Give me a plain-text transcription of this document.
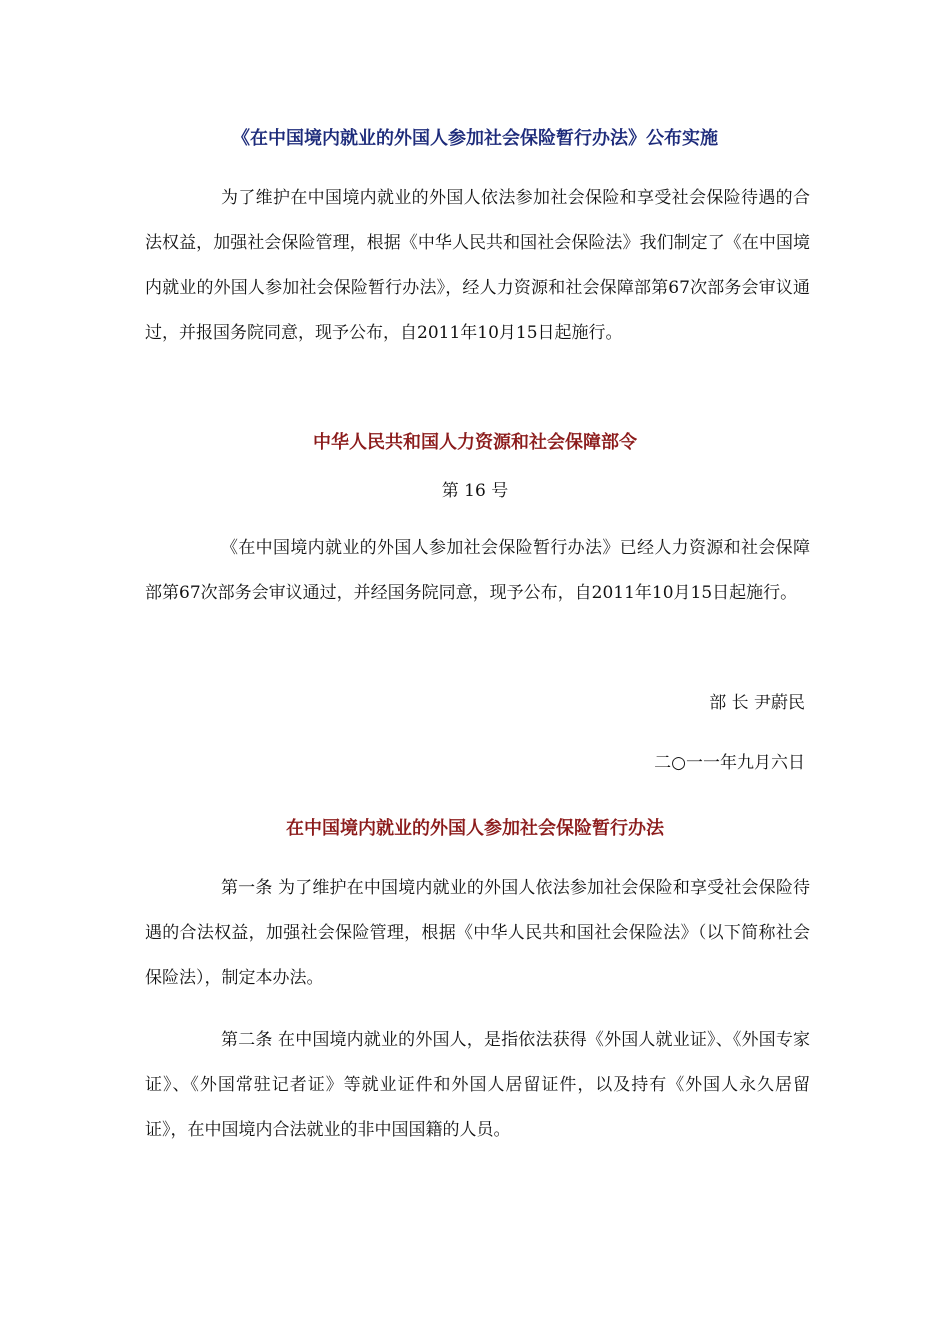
《在中国境内就业的外国人参加社会保险暂行办法》公布实施
为了维护在中国境内就业的外国人依法参加社会保险和享受社会保险待遇的合法权益，加强社会保险管理，根据《中华人民共和国社会保险法》我们制定了《在中国境内就业的外国人参加社会保险暂行办法》，经人力资源和社会保障部第67次部务会审议通过，并报国务院同意，现予公布，自2011年10月15日起施行。
中华人民共和国人力资源和社会保障部令
第 16 号
《在中国境内就业的外国人参加社会保险暂行办法》已经人力资源和社会保障部第67次部务会审议通过，并经国务院同意，现予公布，自2011年10月15日起施行。
部 长 尹蔚民
二○一一年九月六日
在中国境内就业的外国人参加社会保险暂行办法
第一条 为了维护在中国境内就业的外国人依法参加社会保险和享受社会保险待遇的合法权益，加强社会保险管理，根据《中华人民共和国社会保险法》（以下简称社会保险法），制定本办法。
第二条 在中国境内就业的外国人，是指依法获得《外国人就业证》、《外国专家证》、《外国常驻记者证》等就业证件和外国人居留证件，以及持有《外国人永久居留证》，在中国境内合法就业的非中国国籍的人员。
